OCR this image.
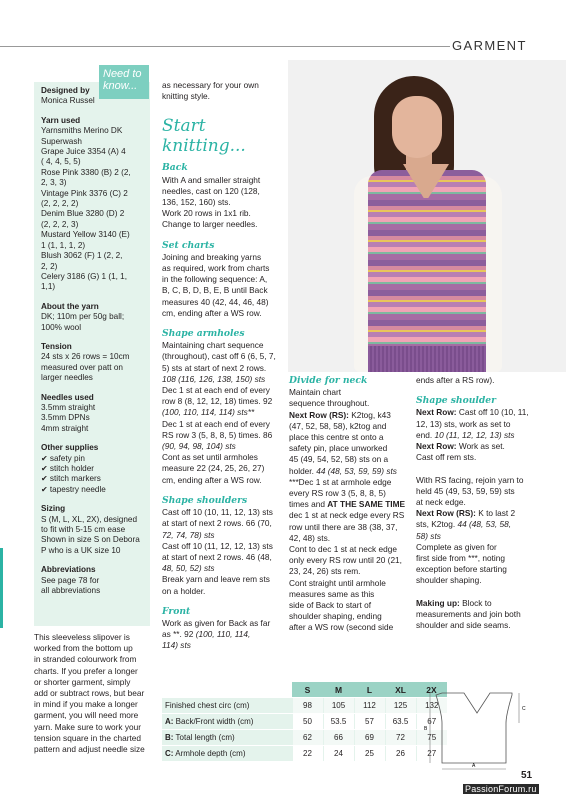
GARMENT
Designed by
Monica Russel
Yarn used
Yarnsmiths Merino DK Superwash
Grape Juice 3354 (A) 4
( 4, 4, 5, 5)
Rose Pink 3380 (B) 2 (2,
2, 3, 3)
Vintage Pink 3376 (C) 2
(2, 2, 2, 2)
Denim Blue 3280 (D) 2
(2, 2, 2, 3)
Mustard Yellow 3140 (E)
1 (1, 1, 1, 2)
Blush 3062 (F) 1 (2, 2,
2, 2)
Celery 3186 (G) 1 (1, 1,
1,1)
About the yarn
DK; 110m per 50g ball;
100% wool
Tension
24 sts x 26 rows = 10cm
measured over patt on
larger needles
Needles used
3.5mm straight
3.5mm DPNs
4mm straight
Other supplies
✔ safety pin
✔ stitch holder
✔ stitch markers
✔ tapestry needle
Sizing
S (M, L, XL, 2X), designed
to fit with 5-15 cm ease
Shown in size S on Debora
P who is a UK size 10
Abbreviations
See page 78 for
all abbreviations
Need to know...
This sleeveless slipover is
worked from the bottom up
in stranded colourwork from
charts. If you prefer a longer
or shorter garment, simply
add or subtract rows, but bear
in mind if you make a longer
garment, you will need more
yarn. Make sure to work your
tension square in the charted
pattern and adjust needle size
as necessary for your own
knitting style.
Start knitting...
Back
With A and smaller straight
needles, cast on 120 (128,
136, 152, 160) sts.
Work 20 rows in 1x1 rib.
Change to larger needles.
Set charts
Joining and breaking yarns
as required, work from charts
in the following sequence: A,
B, C, B, D, B, E, B until Back
measures 40 (42, 44, 46, 48)
cm, ending after a WS row.
Shape armholes
Maintaining chart sequence
(throughout), cast off 6 (6, 5, 7,
5) sts at start of next 2 rows.
108 (116, 126, 138, 150) sts
Dec 1 st at each end of every
row 8 (8, 12, 12, 18) times. 92
(100, 110, 114, 114) sts**
Dec 1 st at each end of every
RS row 3 (5, 8, 8, 5) times. 86
(90, 94, 98, 104) sts
Cont as set until armholes
measure 22 (24, 25, 26, 27)
cm, ending after a WS row.
Shape shoulders
Cast off 10 (10, 11, 12, 13) sts
at start of next 2 rows. 66 (70,
72, 74, 78) sts
Cast off 10 (11, 12, 12, 13) sts
at start of next 2 rows. 46 (48,
48, 50, 52) sts
Break yarn and leave rem sts
on a holder.
Front
Work as given for Back as far
as **. 92 (100, 110, 114,
114) sts
Divide for neck
Maintain chart
sequence throughout.
Next Row (RS): K2tog, k43
(47, 52, 58, 58), k2tog and
place this centre st onto a
safety pin, place unworked
45 (49, 54, 52, 58) sts on a
holder. 44 (48, 53, 59, 59) sts
***Dec 1 st at armhole edge
every RS row 3 (5, 8, 8, 5)
times and AT THE SAME TIME
dec 1 st at neck edge every RS
row until there are 38 (38, 37,
42, 48) sts.
Cont to dec 1 st at neck edge
only every RS row until 20 (21,
23, 24, 26) sts rem.
Cont straight until armhole
measures same as this
side of Back to start of
shoulder shaping, ending
after a WS row (second side
ends after a RS row).
Shape shoulder
Next Row: Cast off 10 (10, 11,
12, 13) sts, work as set to
end. 10 (11, 12, 12, 13) sts
Next Row: Work as set.
Cast off rem sts.

With RS facing, rejoin yarn to
held 45 (49, 53, 59, 59) sts
at neck edge.
Next Row (RS): K to last 2
sts, K2tog. 44 (48, 53, 58,
58) sts
Complete as given for
first side from ***, noting
exception before starting
shoulder shaping.

Making up: Block to
measurements and join both
shoulder and side seams.
	S	M	L	XL	2X
Finished chest circ (cm)	98	105	112	125	132
A: Back/Front width (cm)	50	53.5	57	63.5	67
B: Total length (cm)	62	66	69	72	75
C: Armhole depth (cm)	22	24	25	26	27
B
A
C
51
PassionForum.ru
